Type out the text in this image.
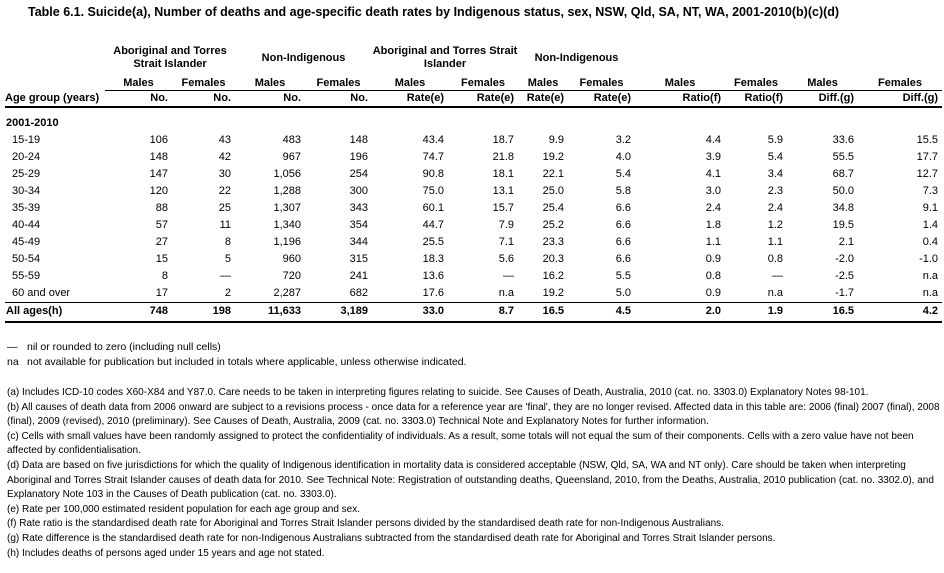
Table 6.1. Suicide(a), Number of deaths and age-specific death rates by Indigenous status, sex, NSW, Qld, SA, NT, WA, 2001-2010(b)(c)(d)
	Aboriginal and Torres Strait Islander		Non-Indigenous		Aboriginal and Torres Strait Islander		Non-Indigenous					
	Males	Females	Males	Females	Males	Females	Males	Females	Males	Females	Males	Females
Age group (years)	No.	No.	No.	No.	Rate(e)	Rate(e)	Rate(e)	Rate(e)	Ratio(f)	Ratio(f)	Diff.(g)	Diff.(g)
2001-2010												
15-19	106	43	483	148	43.4	18.7	9.9	3.2	4.4	5.9	33.6	15.5
20-24	148	42	967	196	74.7	21.8	19.2	4.0	3.9	5.4	55.5	17.7
25-29	147	30	1,056	254	90.8	18.1	22.1	5.4	4.1	3.4	68.7	12.7
30-34	120	22	1,288	300	75.0	13.1	25.0	5.8	3.0	2.3	50.0	7.3
35-39	88	25	1,307	343	60.1	15.7	25.4	6.6	2.4	2.4	34.8	9.1
40-44	57	11	1,340	354	44.7	7.9	25.2	6.6	1.8	1.2	19.5	1.4
45-49	27	8	1,196	344	25.5	7.1	23.3	6.6	1.1	1.1	2.1	0.4
50-54	15	5	960	315	18.3	5.6	20.3	6.6	0.9	0.8	-2.0	-1.0
55-59	8	—	720	241	13.6	—	16.2	5.5	0.8	—	-2.5	n.a
60 and over	17	2	2,287	682	17.6	n.a	19.2	5.0	0.9	n.a	-1.7	n.a
All ages(h)	748	198	11,633	3,189	33.0	8.7	16.5	4.5	2.0	1.9	16.5	4.2
— nil or rounded to zero (including null cells)
na not available for publication but included in totals where applicable, unless otherwise indicated.
(a) Includes ICD-10 codes X60-X84 and Y87.0. Care needs to be taken in interpreting figures relating to suicide. See Causes of Death, Australia, 2010 (cat. no. 3303.0) Explanatory Notes 98-101.
(b) All causes of death data from 2006 onward are subject to a revisions process - once data for a reference year are 'final', they are no longer revised. Affected data in this table are: 2006 (final) 2007 (final), 2008 (final), 2009 (revised), 2010 (preliminary). See Causes of Death, Australia, 2009 (cat. no. 3303.0) Technical Note and Explanatory Notes for further information.
(c) Cells with small values have been randomly assigned to protect the confidentiality of individuals. As a result, some totals will not equal the sum of their components. Cells with a zero value have not been affected by confidentialisation.
(d) Data are based on five jurisdictions for which the quality of Indigenous identification in mortality data is considered acceptable (NSW, Qld, SA, WA and NT only). Care should be taken when interpreting Aboriginal and Torres Strait Islander causes of death data for 2010. See Technical Note: Registration of outstanding deaths, Queensland, 2010, from the Deaths, Australia, 2010 publication (cat. no. 3302.0), and Explanatory Note 103 in the Causes of Death publication (cat. no. 3303.0).
(e) Rate per 100,000 estimated resident population for each age group and sex.
(f) Rate ratio is the standardised death rate for Aboriginal and Torres Strait Islander persons divided by the standardised death rate for non-Indigenous Australians.
(g) Rate difference is the standardised death rate for non-Indigenous Australians subtracted from the standardised death rate for Aboriginal and Torres Strait Islander persons.
(h) Includes deaths of persons aged under 15 years and age not stated.
